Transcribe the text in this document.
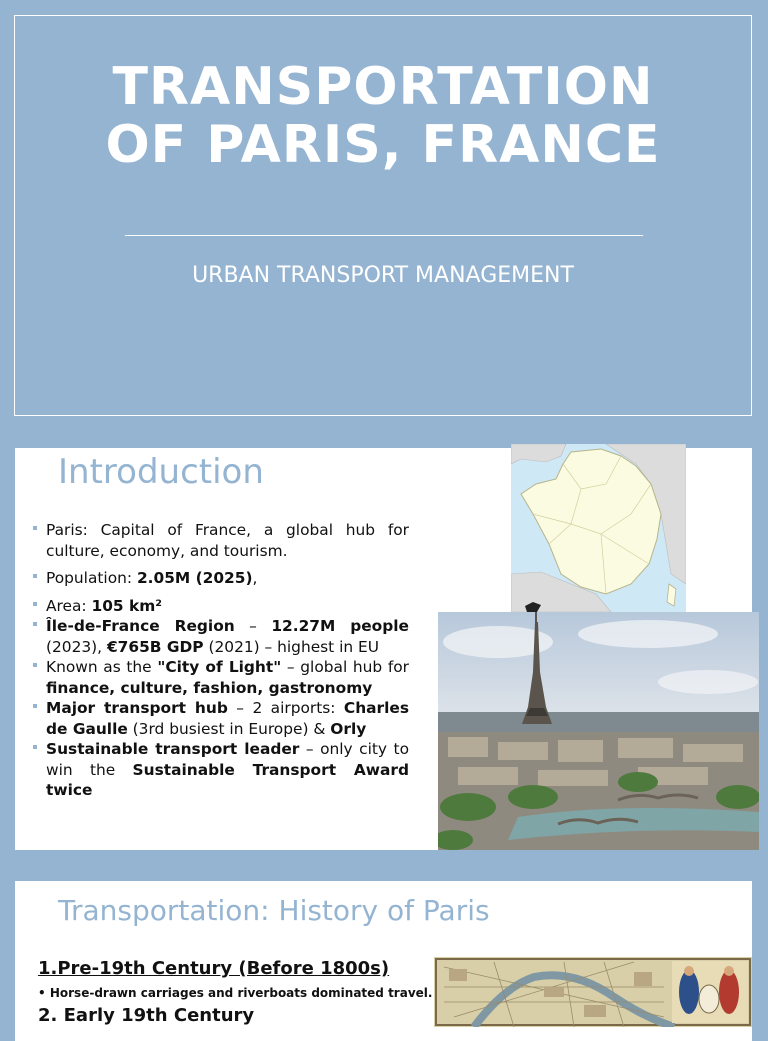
TRANSPORTATION
OF PARIS, FRANCE
URBAN TRANSPORT MANAGEMENT
Introduction
Paris: Capital of France, a global hub for culture, economy, and tourism.
Population: 2.05M (2025),
Area: 105 km²
Île-de-France Region – 12.27M people (2023), €765B GDP (2021) – highest in EU
Known as the "City of Light" – global hub for finance, culture, fashion, gastronomy
Major transport hub – 2 airports: Charles de Gaulle (3rd busiest in Europe) & Orly
Sustainable transport leader – only city to win the Sustainable Transport Award twice
Transportation: History of Paris
1.Pre-19th Century (Before 1800s)
• Horse-drawn carriages and riverboats dominated travel.
2. Early 19th Century
